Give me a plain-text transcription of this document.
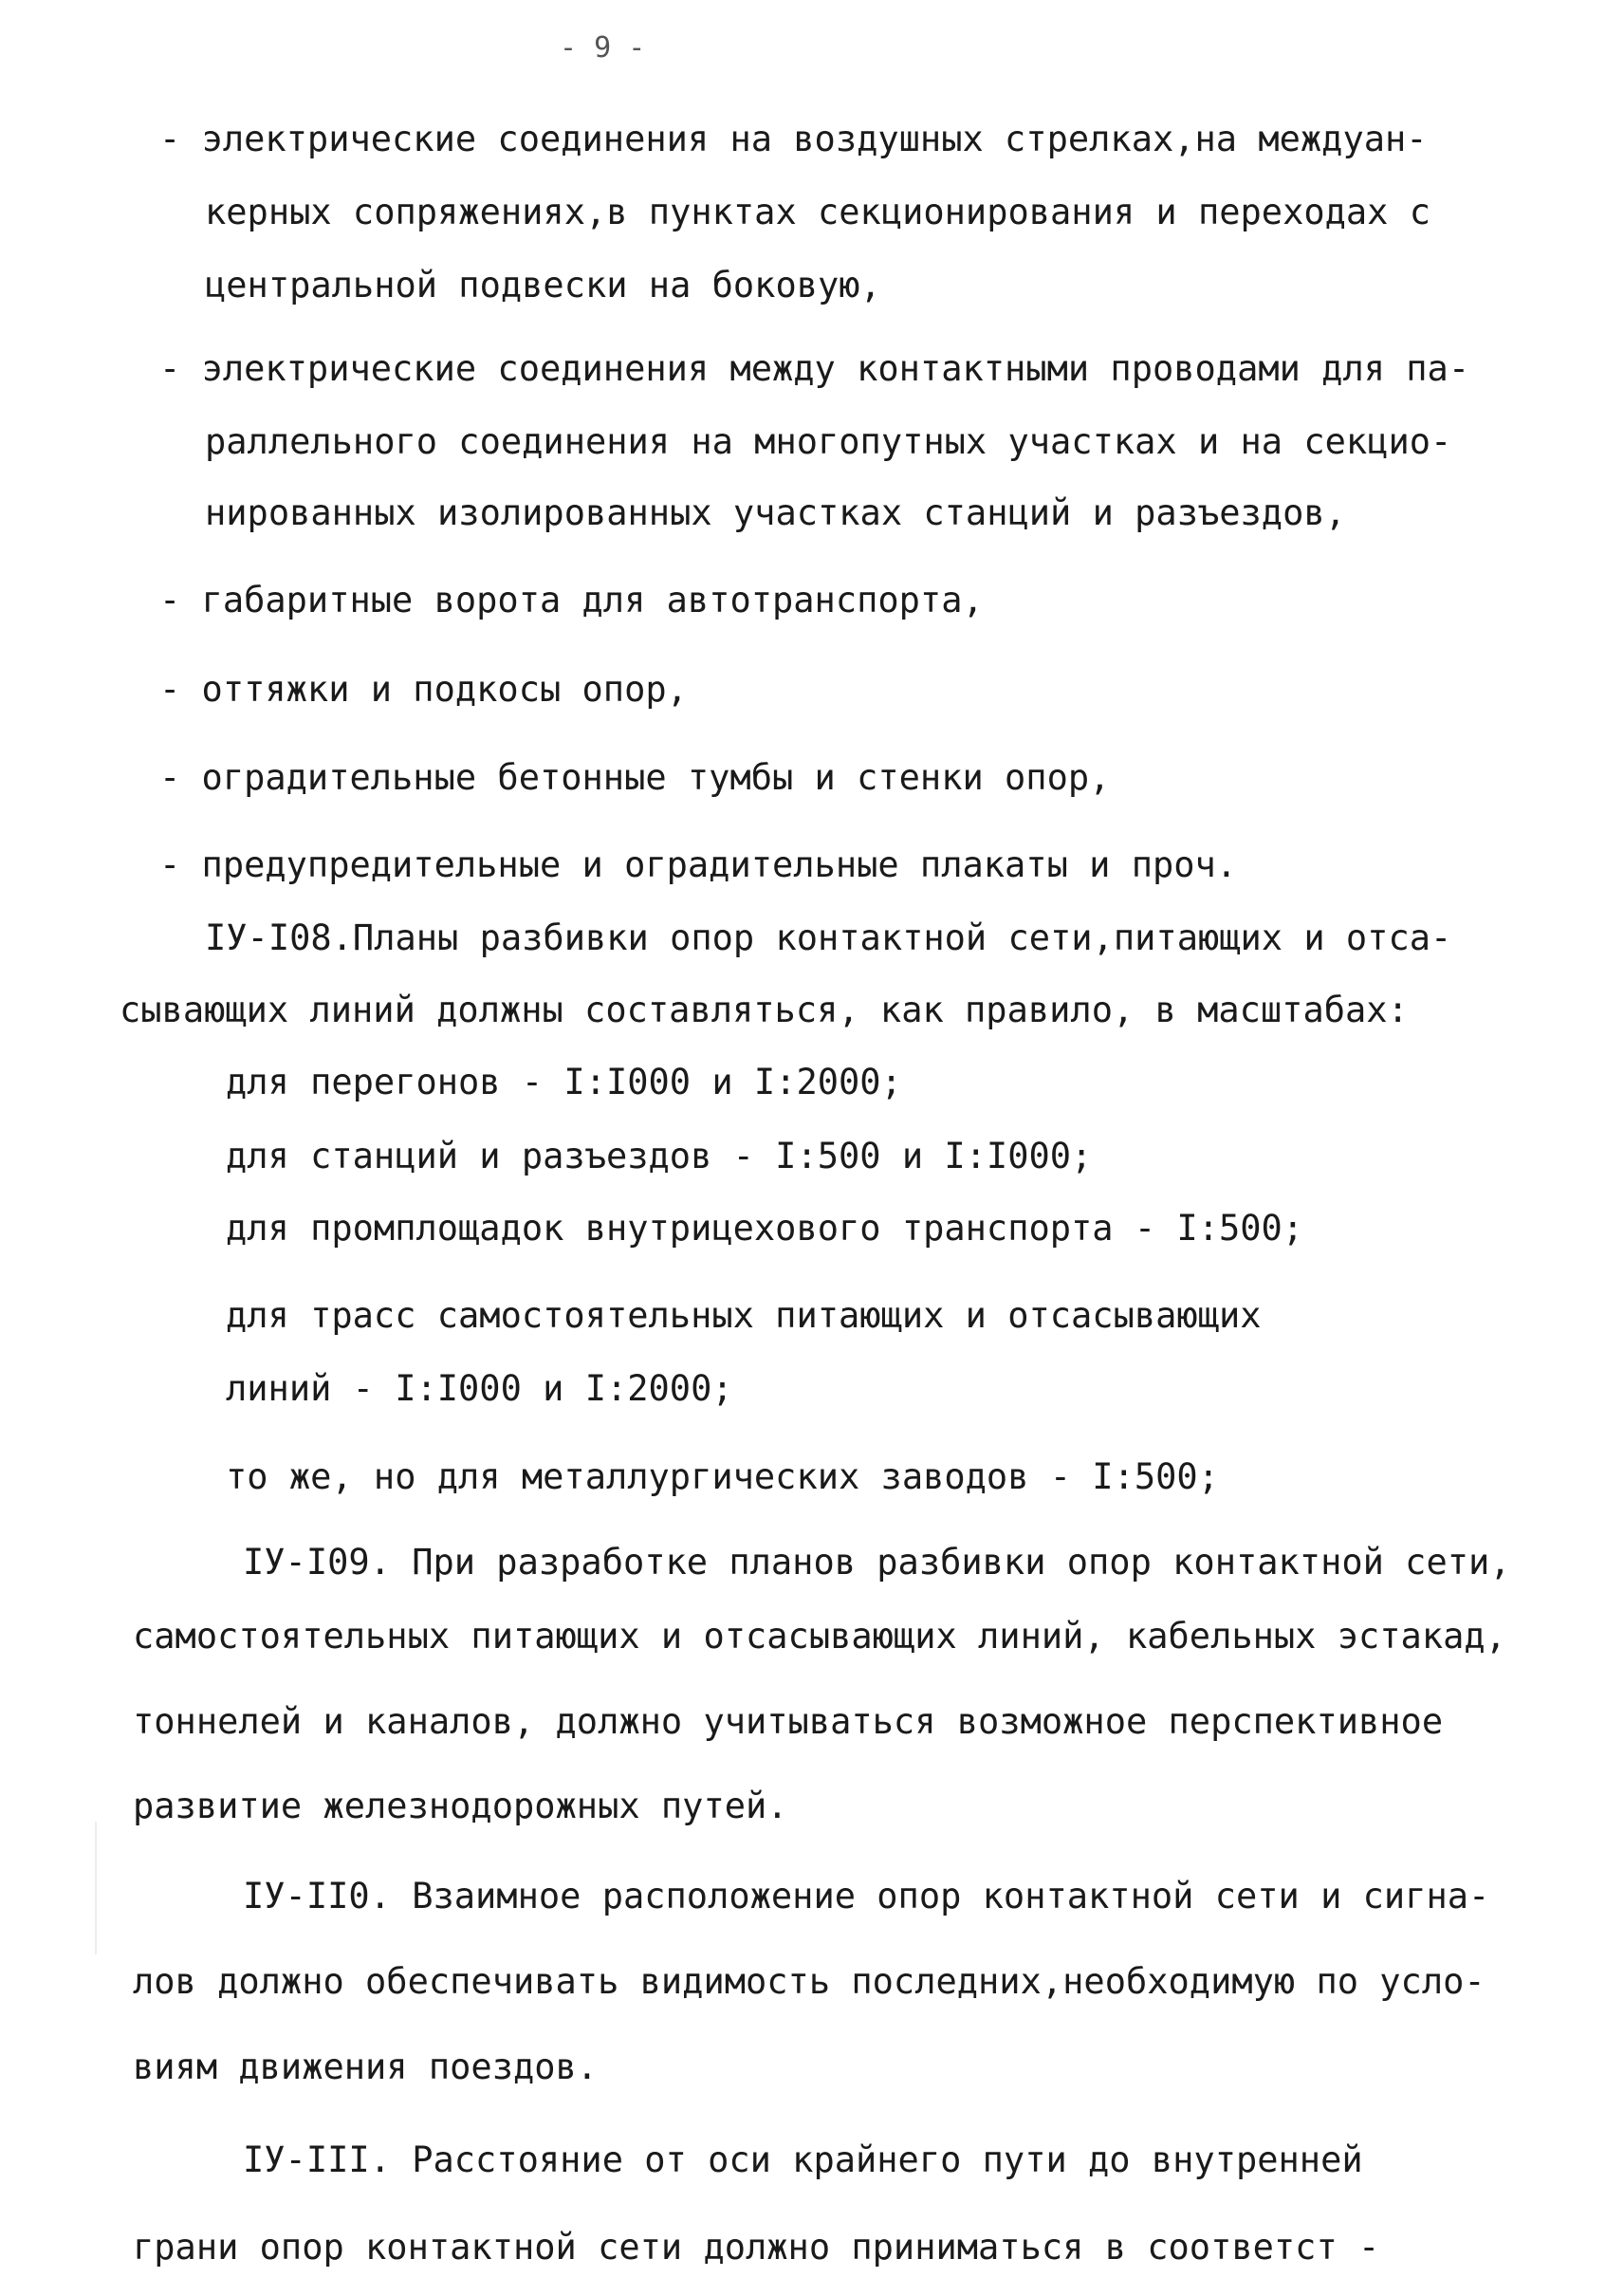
- 9 -
- электрические соединения на воздушных стрелках,на междуан-
керных сопряжениях,в пунктах секционирования и переходах с
центральной подвески на боковую,
- электрические соединения между контактными проводами для па-
раллельного соединения на многопутных участках и на секцио-
нированных изолированных участках станций и разъездов,
- габаритные ворота для автотранспорта,
- оттяжки и подкосы опор,
- оградительные бетонные тумбы и стенки опор,
- предупредительные и оградительные плакаты и проч.
IУ-I08.Планы разбивки опор контактной сети,питающих и отса-
сывающих линий должны составляться, как правило, в масштабах:
для перегонов - I:I000 и I:2000;
для станций и разъездов - I:500 и I:I000;
для промплощадок внутрицехового транспорта - I:500;
для трасс самостоятельных питающих и отсасывающих
линий - I:I000 и I:2000;
то же, но для металлургических заводов - I:500;
IУ-I09. При разработке планов разбивки опор контактной сети,
самостоятельных питающих и отсасывающих линий, кабельных эстакад,
тоннелей и каналов, должно учитываться возможное перспективное
развитие железнодорожных путей.
IУ-II0. Взаимное расположение опор контактной сети и сигна-
лов должно обеспечивать видимость последних,необходимую по усло-
виям движения поездов.
IУ-III. Расстояние от оси крайнего пути до внутренней
грани опор контактной сети должно приниматься в соответст -
